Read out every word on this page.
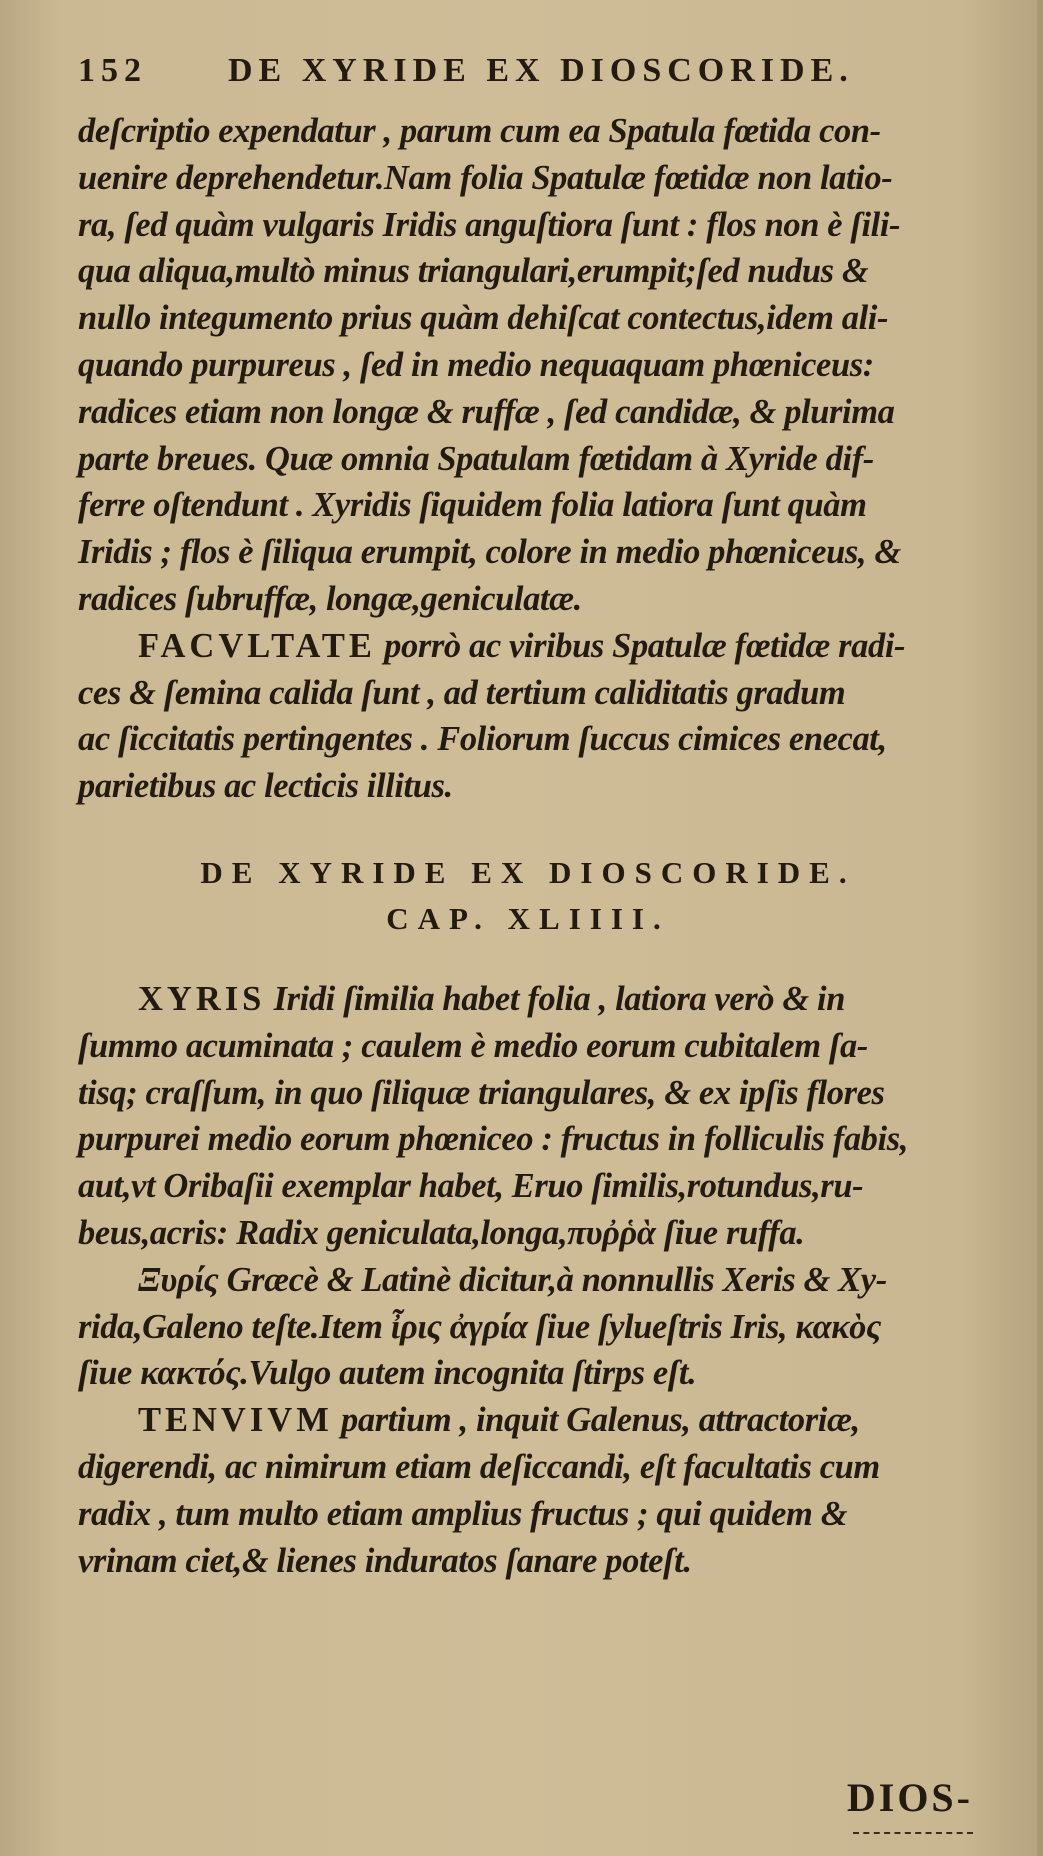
152	DE XYRIDE EX DIOSCORIDE.
deſcriptio expendatur , parum cum ea Spatula fœtida con-
uenire deprehendetur.Nam folia Spatulæ fœtidæ non latio-
ra, ſed quàm vulgaris Iridis anguſtiora ſunt : flos non è ſili-
qua aliqua,multò minus triangulari,erumpit;ſed nudus &
nullo integumento prius quàm dehiſcat contectus,idem ali-
quando purpureus , ſed in medio nequaquam phœniceus:
radices etiam non longæ & ruffæ , ſed candidæ, & plurima
parte breues. Quæ omnia Spatulam fœtidam à Xyride dif-
ferre oſtendunt . Xyridis ſiquidem folia latiora ſunt quàm
Iridis ; flos è ſiliqua erumpit, colore in medio phœniceus, &
radices ſubruffæ, longæ,geniculatæ.
FACVLTATE porrò ac viribus Spatulæ fœtidæ radi-
ces & ſemina calida ſunt , ad tertium caliditatis gradum
ac ſiccitatis pertingentes . Foliorum ſuccus cimices enecat,
parietibus ac lecticis illitus.
DE XYRIDE EX DIOSCORIDE.
CAP. XLIIII.
XYRIS Iridi ſimilia habet folia , latiora verò & in
ſummo acuminata ; caulem è medio eorum cubitalem ſa-
tisq; craſſum, in quo ſiliquæ triangulares, & ex ipſis flores
purpurei medio eorum phœniceo : fructus in folliculis fabis,
aut,vt Oribaſii exemplar habet, Eruo ſimilis,rotundus,ru-
beus,acris: Radix geniculata,longa,πυῤῥὰ ſiue ruffa.
Ξυρίς Græcè & Latinè dicitur,à nonnullis Xeris & Xy-
rida,Galeno teſte.Item ἶρις ἀγρία ſiue ſylueſtris Iris, κακὸς
ſiue κακτός.Vulgo autem incognita ſtirps eſt.
TENVIVM partium , inquit Galenus, attractoriæ,
digerendi, ac nimirum etiam deſiccandi, eſt facultatis cum
radix , tum multo etiam amplius fructus ; qui quidem &
vrinam ciet,& lienes induratos ſanare poteſt.
DIOS-
